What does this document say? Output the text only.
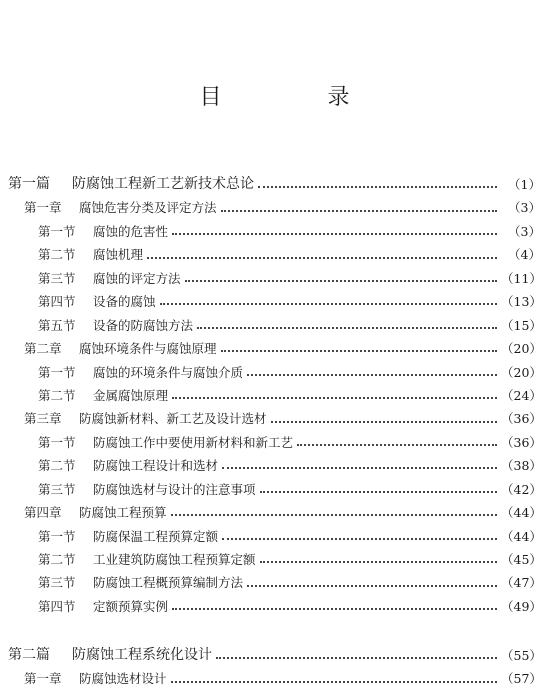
目　录
第一篇	防腐蚀工程新工艺新技术总论	（1）
第一章	腐蚀危害分类及评定方法	（3）
第一节	腐蚀的危害性	（3）
第二节	腐蚀机理	（4）
第三节	腐蚀的评定方法	（11）
第四节	设备的腐蚀	（13）
第五节	设备的防腐蚀方法	（15）
第二章	腐蚀环境条件与腐蚀原理	（20）
第一节	腐蚀的环境条件与腐蚀介质	（20）
第二节	金属腐蚀原理	（24）
第三章	防腐蚀新材料、新工艺及设计选材	（36）
第一节	防腐蚀工作中要使用新材料和新工艺	（36）
第二节	防腐蚀工程设计和选材	（38）
第三节	防腐蚀选材与设计的注意事项	（42）
第四章	防腐蚀工程预算	（44）
第一节	防腐保温工程预算定额	（44）
第二节	工业建筑防腐蚀工程预算定额	（45）
第三节	防腐蚀工程概预算编制方法	（47）
第四节	定额预算实例	（49）
第二篇	防腐蚀工程系统化设计	（55）
第一章	防腐蚀选材设计	（57）
